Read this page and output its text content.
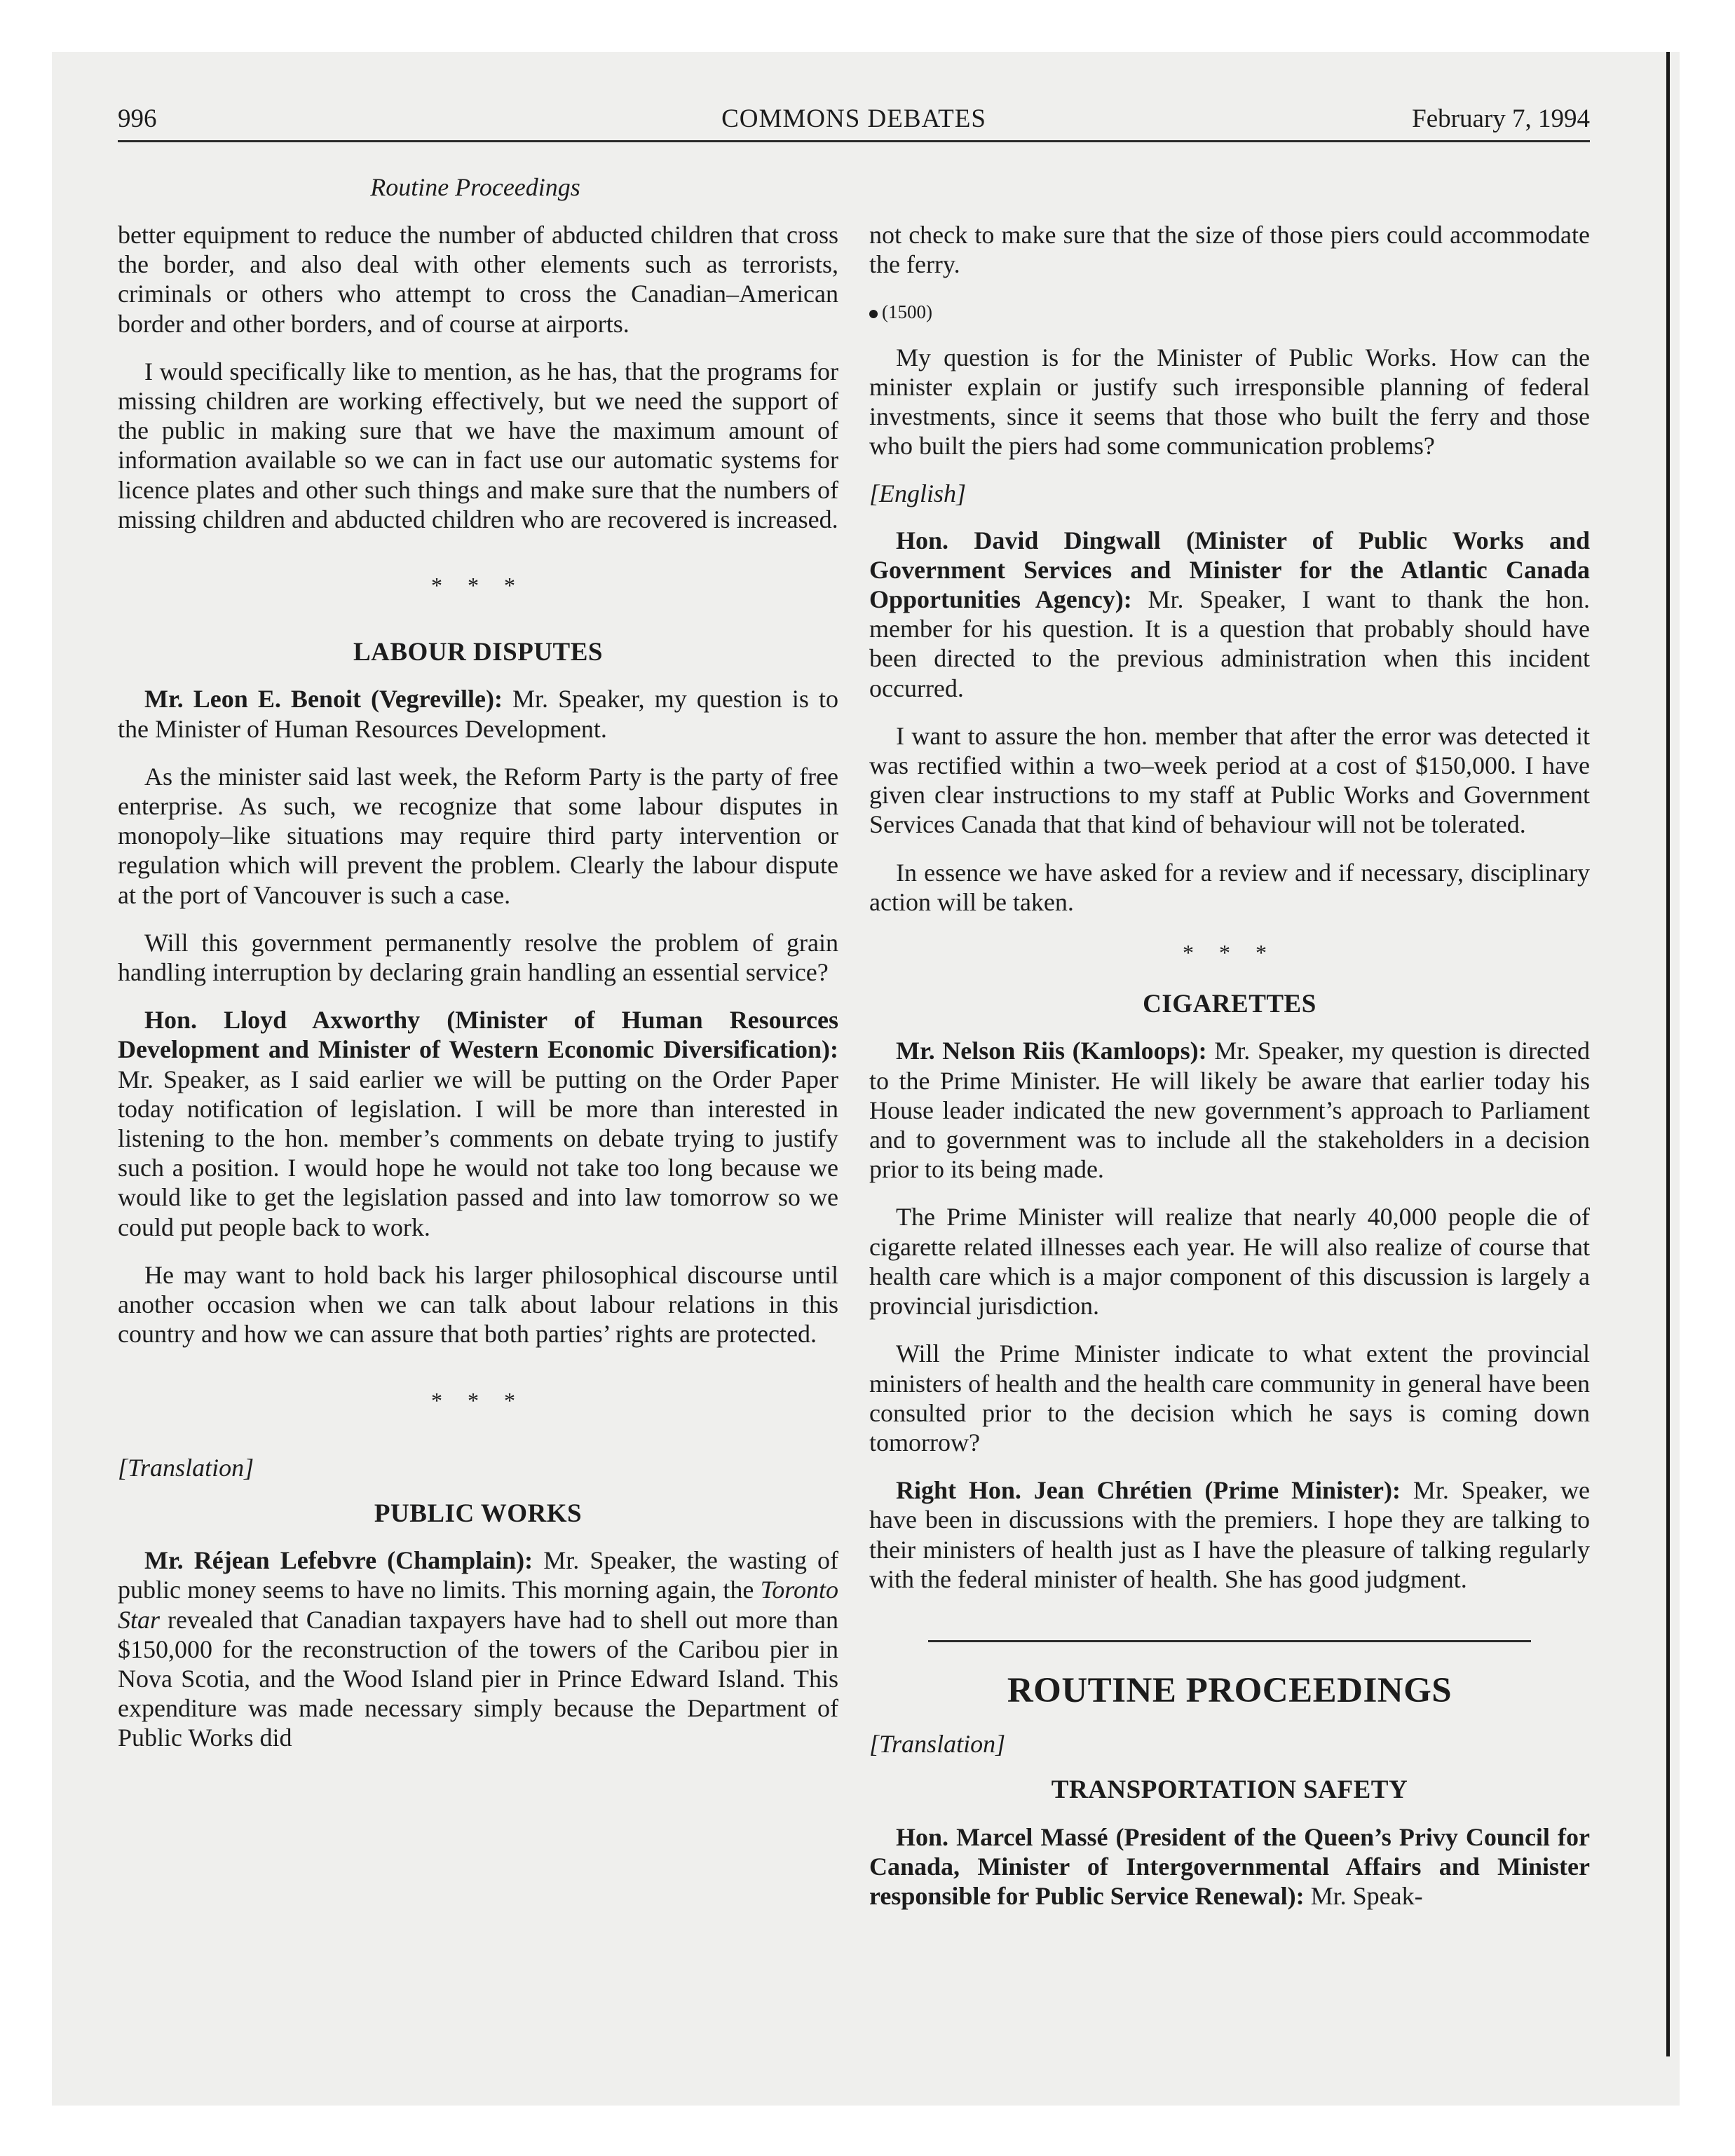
996	COMMONS DEBATES	February 7, 1994
Routine Proceedings

better equipment to reduce the number of abducted children that cross the border, and also deal with other elements such as terrorists, criminals or others who attempt to cross the Canadian–American border and other borders, and of course at airports.

I would specifically like to mention, as he has, that the programs for missing children are working effectively, but we need the support of the public in making sure that we have the maximum amount of information available so we can in fact use our automatic systems for licence plates and other such things and make sure that the numbers of missing children and abducted children who are recovered is increased.

* * *
LABOUR DISPUTES

Mr. Leon E. Benoit (Vegreville): Mr. Speaker, my question is to the Minister of Human Resources Development.

As the minister said last week, the Reform Party is the party of free enterprise. As such, we recognize that some labour disputes in monopoly–like situations may require third party intervention or regulation which will prevent the problem. Clearly the labour dispute at the port of Vancouver is such a case.

Will this government permanently resolve the problem of grain handling interruption by declaring grain handling an essential service?

Hon. Lloyd Axworthy (Minister of Human Resources Development and Minister of Western Economic Diversification): Mr. Speaker, as I said earlier we will be putting on the Order Paper today notification of legislation. I will be more than interested in listening to the hon. member’s comments on debate trying to justify such a position. I would hope he would not take too long because we would like to get the legislation passed and into law tomorrow so we could put people back to work.

He may want to hold back his larger philosophical discourse until another occasion when we can talk about labour relations in this country and how we can assure that both parties’ rights are protected.

* * *
[Translation]
PUBLIC WORKS

Mr. Réjean Lefebvre (Champlain): Mr. Speaker, the wasting of public money seems to have no limits. This morning again, the Toronto Star revealed that Canadian taxpayers have had to shell out more than $150,000 for the reconstruction of the towers of the Caribou pier in Nova Scotia, and the Wood Island pier in Prince Edward Island. This expenditure was made necessary simply because the Department of Public Works did

not check to make sure that the size of those piers could accommodate the ferry.

(1500)

My question is for the Minister of Public Works. How can the minister explain or justify such irresponsible planning of federal investments, since it seems that those who built the ferry and those who built the piers had some communication problems?

[English]

Hon. David Dingwall (Minister of Public Works and Government Services and Minister for the Atlantic Canada Opportunities Agency): Mr. Speaker, I want to thank the hon. member for his question. It is a question that probably should have been directed to the previous administration when this incident occurred.

I want to assure the hon. member that after the error was detected it was rectified within a two–week period at a cost of $150,000. I have given clear instructions to my staff at Public Works and Government Services Canada that that kind of behaviour will not be tolerated.

In essence we have asked for a review and if necessary, disciplinary action will be taken.

* * *
CIGARETTES

Mr. Nelson Riis (Kamloops): Mr. Speaker, my question is directed to the Prime Minister. He will likely be aware that earlier today his House leader indicated the new government’s approach to Parliament and to government was to include all the stakeholders in a decision prior to its being made.

The Prime Minister will realize that nearly 40,000 people die of cigarette related illnesses each year. He will also realize of course that health care which is a major component of this discussion is largely a provincial jurisdiction.

Will the Prime Minister indicate to what extent the provincial ministers of health and the health care community in general have been consulted prior to the decision which he says is coming down tomorrow?

Right Hon. Jean Chrétien (Prime Minister): Mr. Speaker, we have been in discussions with the premiers. I hope they are talking to their ministers of health just as I have the pleasure of talking regularly with the federal minister of health. She has good judgment.

ROUTINE PROCEEDINGS
[Translation]
TRANSPORTATION SAFETY

Hon. Marcel Massé (President of the Queen’s Privy Council for Canada, Minister of Intergovernmental Affairs and Minister responsible for Public Service Renewal): Mr. Speak-
